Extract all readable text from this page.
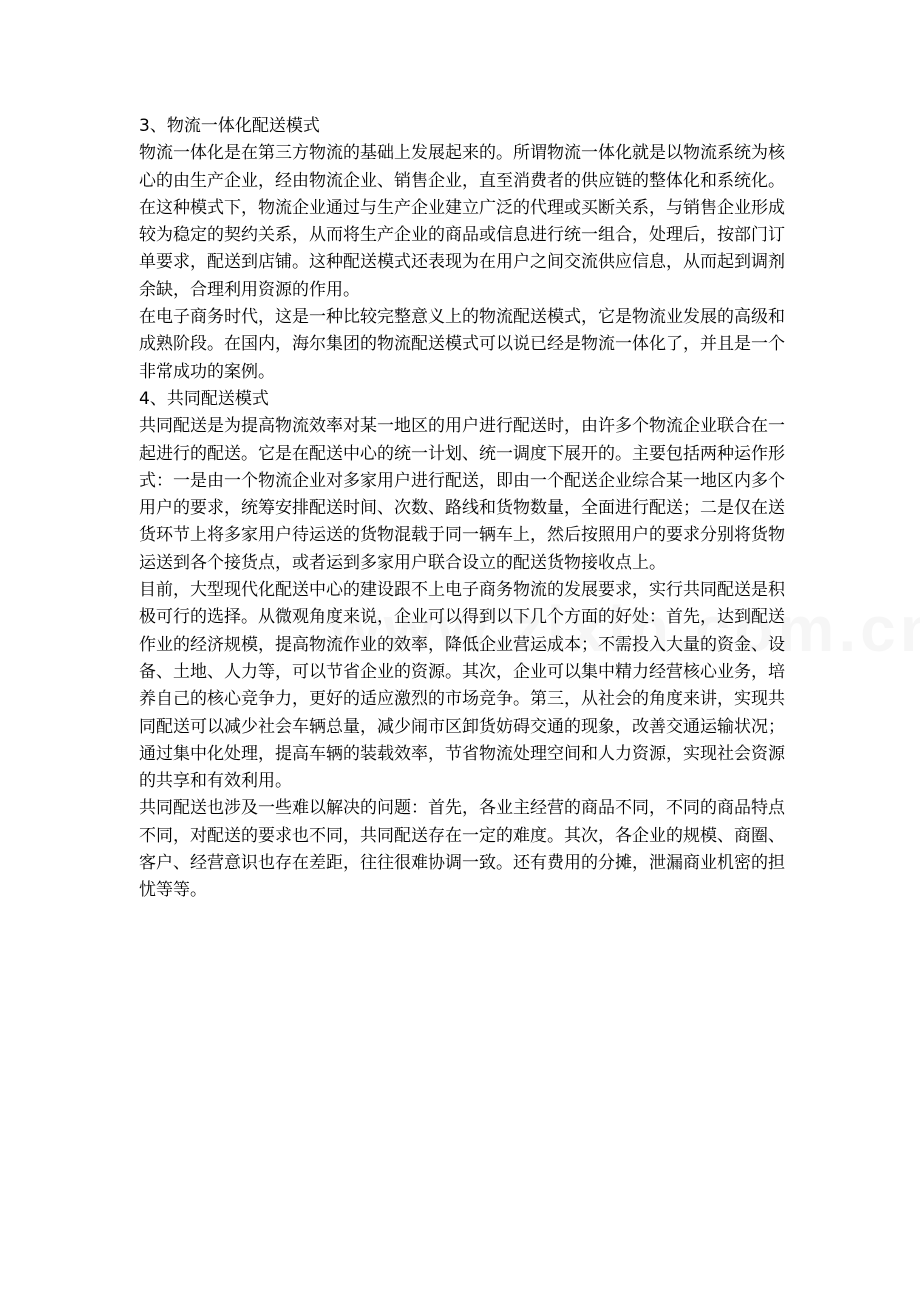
3、物流一体化配送模式

物流一体化是在第三方物流的基础上发展起来的。所谓物流一体化就是以物流系统为核心的由生产企业，经由物流企业、销售企业，直至消费者的供应链的整体化和系统化。在这种模式下，物流企业通过与生产企业建立广泛的代理或买断关系，与销售企业形成较为稳定的契约关系，从而将生产企业的商品或信息进行统一组合，处理后，按部门订单要求，配送到店铺。这种配送模式还表现为在用户之间交流供应信息，从而起到调剂余缺，合理利用资源的作用。

在电子商务时代，这是一种比较完整意义上的物流配送模式，它是物流业发展的高级和成熟阶段。在国内，海尔集团的物流配送模式可以说已经是物流一体化了，并且是一个非常成功的案例。

4、共同配送模式

共同配送是为提高物流效率对某一地区的用户进行配送时，由许多个物流企业联合在一起进行的配送。它是在配送中心的统一计划、统一调度下展开的。主要包括两种运作形式：一是由一个物流企业对多家用户进行配送，即由一个配送企业综合某一地区内多个用户的要求，统筹安排配送时间、次数、路线和货物数量，全面进行配送；二是仅在送货环节上将多家用户待运送的货物混载于同一辆车上，然后按照用户的要求分别将货物运送到各个接货点，或者运到多家用户联合设立的配送货物接收点上。

目前，大型现代化配送中心的建设跟不上电子商务物流的发展要求，实行共同配送是积极可行的选择。从微观角度来说，企业可以得到以下几个方面的好处：首先，达到配送作业的经济规模，提高物流作业的效率，降低企业营运成本；不需投入大量的资金、设备、土地、人力等，可以节省企业的资源。其次，企业可以集中精力经营核心业务，培养自己的核心竞争力，更好的适应激烈的市场竞争。第三，从社会的角度来讲，实现共同配送可以减少社会车辆总量，减少闹市区卸货妨碍交通的现象，改善交通运输状况；通过集中化处理，提高车辆的装载效率，节省物流处理空间和人力资源，实现社会资源的共享和有效利用。

共同配送也涉及一些难以解决的问题：首先，各业主经营的商品不同，不同的商品特点不同，对配送的要求也不同，共同配送存在一定的难度。其次，各企业的规模、商圈、客户、经营意识也存在差距，往往很难协调一致。还有费用的分摊，泄漏商业机密的担忧等等。
